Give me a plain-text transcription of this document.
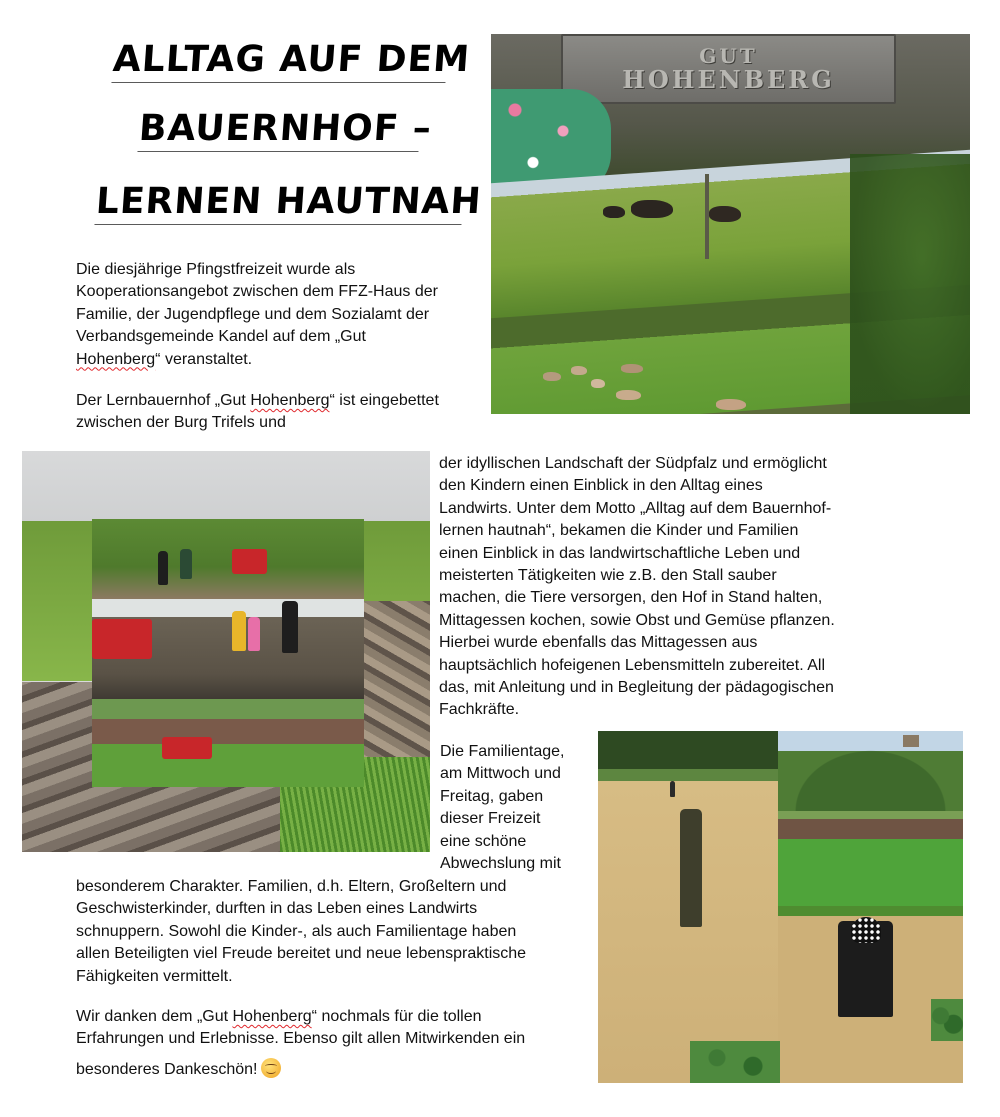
ALLTAG AUF DEM
BAUERNHOF –
LERNEN HAUTNAH
Die diesjährige Pfingstfreizeit wurde als
Kooperationsangebot zwischen dem FFZ-Haus der
Familie, der Jugendpflege und dem Sozialamt der
Verbandsgemeinde Kandel auf dem „Gut
Hohenberg“ veranstaltet.
Der Lernbauernhof „Gut Hohenberg“ ist eingebettet
zwischen der Burg Trifels und
der idyllischen Landschaft der Südpfalz und ermöglicht
den Kindern einen Einblick in den Alltag eines
Landwirts. Unter dem Motto „Alltag auf dem Bauernhof-
lernen hautnah“, bekamen die Kinder und Familien
einen Einblick in das landwirtschaftliche Leben und
meisterten Tätigkeiten wie z.B. den Stall sauber
machen, die Tiere versorgen, den Hof in Stand halten,
Mittagessen kochen, sowie Obst und Gemüse pflanzen.
Hierbei wurde ebenfalls das Mittagessen aus
hauptsächlich hofeigenen Lebensmitteln zubereitet. All
das, mit Anleitung und in Begleitung der pädagogischen
Fachkräfte.
Die Familientage,
am Mittwoch und
Freitag, gaben
dieser Freizeit
eine schöne
Abwechslung mit
besonderem Charakter. Familien, d.h. Eltern, Großeltern und
Geschwisterkinder, durften in das Leben eines Landwirts
schnuppern. Sowohl die Kinder-, als auch Familientage haben
allen Beteiligten viel Freude bereitet und neue lebenspraktische
Fähigkeiten vermittelt.
Wir danken dem „Gut Hohenberg“ nochmals für die tollen
Erfahrungen und Erlebnisse. Ebenso gilt allen Mitwirkenden ein
besonderes Dankeschön!
GUT
HOHENBERG
